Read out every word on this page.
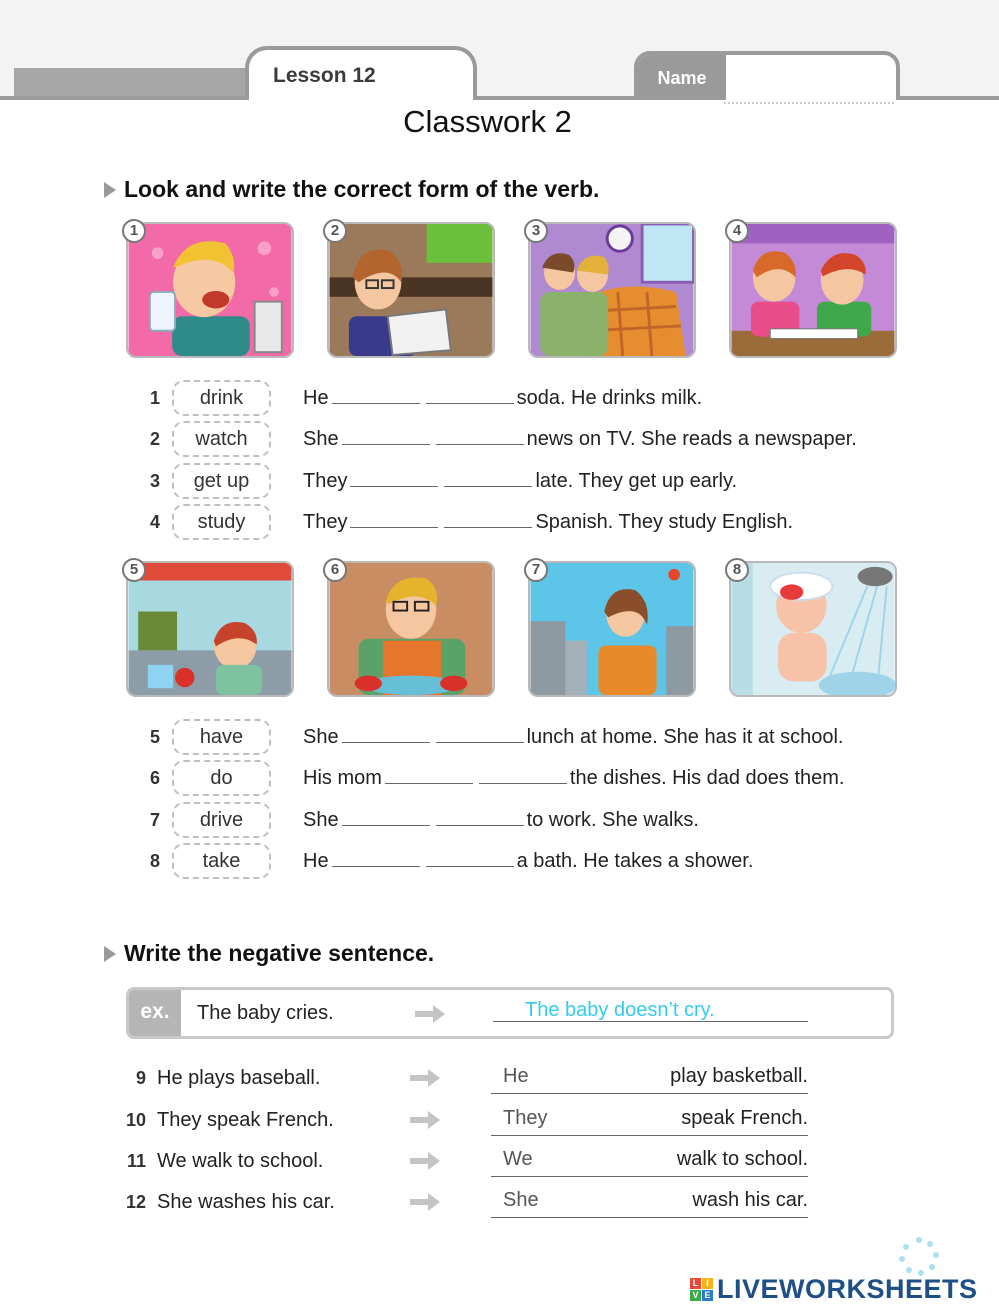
Lesson 12	Name
Classwork 2
Look and write the correct form of the verb.
1	2	3	4
1	drink	He	soda. He drinks milk.
2	watch	She	news on TV. She reads a newspaper.
3	get up	They	late. They get up early.
4	study	They	Spanish. They study English.
5	6	7	8
5	have	She	lunch at home. She has it at school.
6	do	His mom	the dishes. His dad does them.
7	drive	She	to work. She walks.
8	take	He	a bath. He takes a shower.
Write the negative sentence.
ex.	The baby cries.	The baby doesn’t cry.
9 He plays baseball.	He	play basketball.
10 They speak French.	They	speak French.
11 We walk to school.	We	walk to school.
12 She washes his car.	She	wash his car.
L I
V E LIVEWORKSHEETS
